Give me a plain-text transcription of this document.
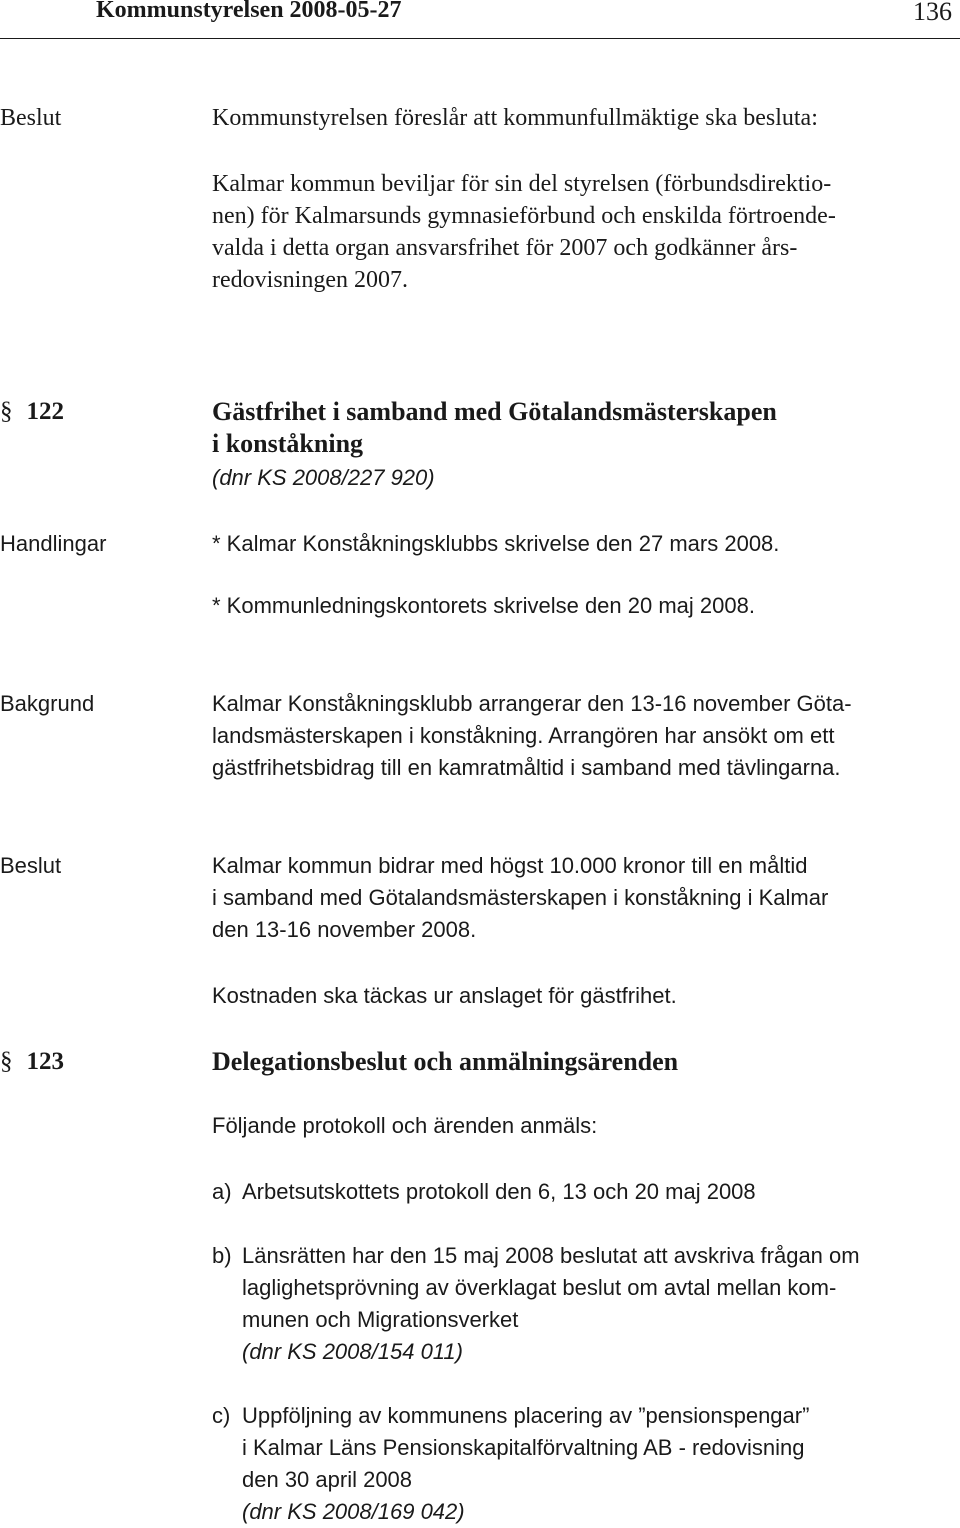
Kommunstyrelsen 2008-05-27	136
Beslut	Kommunstyrelsen föreslår att kommunfullmäktige ska besluta:
Kalmar kommun beviljar för sin del styrelsen (förbundsdirektio-
nen) för Kalmarsunds gymnasieförbund och enskilda förtroende-
valda i detta organ ansvarsfrihet för 2007 och godkänner års-
redovisningen 2007.
§ 122	Gästfrihet i samband med Götalandsmästerskapen
i konståkning
(dnr KS 2008/227 920)
Handlingar	* Kalmar Konståkningsklubbs skrivelse den 27 mars 2008.
* Kommunledningskontorets skrivelse den 20 maj 2008.
Bakgrund	Kalmar Konståkningsklubb arrangerar den 13-16 november Göta-
landsmästerskapen i konståkning. Arrangören har ansökt om ett
gästfrihetsbidrag till en kamratmåltid i samband med tävlingarna.
Beslut	Kalmar kommun bidrar med högst 10.000 kronor till en måltid
i samband med Götalandsmästerskapen i konståkning i Kalmar
den 13-16 november 2008.
Kostnaden ska täckas ur anslaget för gästfrihet.
§ 123	Delegationsbeslut och anmälningsärenden
Följande protokoll och ärenden anmäls:
a) Arbetsutskottets protokoll den 6, 13 och 20 maj 2008
b) Länsrätten har den 15 maj 2008 beslutat att avskriva frågan om
laglighetsprövning av överklagat beslut om avtal mellan kom-
munen och Migrationsverket
(dnr KS 2008/154 011)
c) Uppföljning av kommunens placering av ”pensionspengar”
i Kalmar Läns Pensionskapitalförvaltning AB - redovisning
den 30 april 2008
(dnr KS 2008/169 042)
